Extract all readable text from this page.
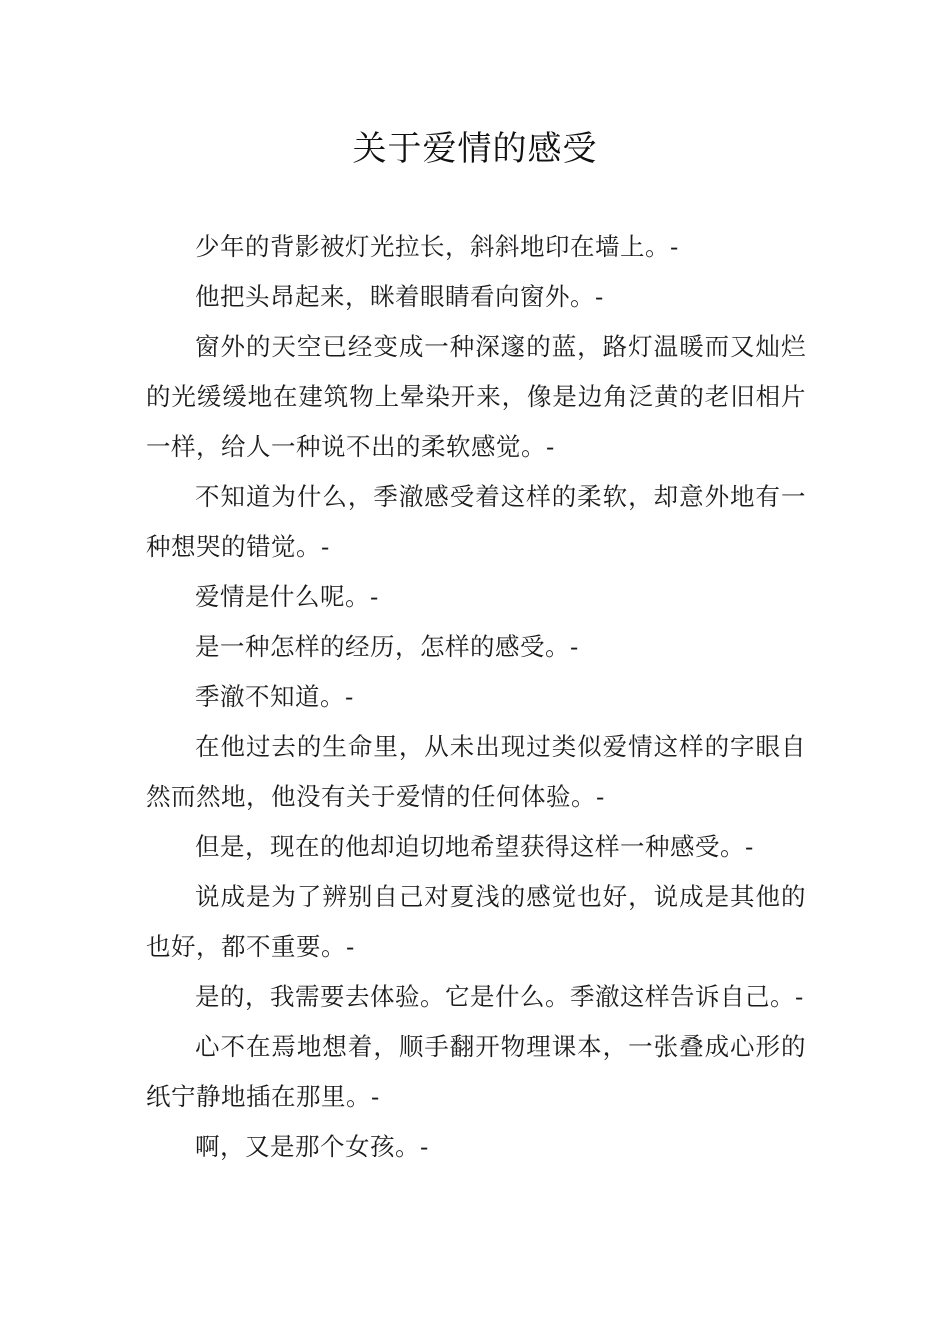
关于爱情的感受

少年的背影被灯光拉长，斜斜地印在墙上。-

他把头昂起来，眯着眼睛看向窗外。-

窗外的天空已经变成一种深邃的蓝，路灯温暖而又灿烂的光缓缓地在建筑物上晕染开来，像是边角泛黄的老旧相片一样，给人一种说不出的柔软感觉。-

不知道为什么，季澈感受着这样的柔软，却意外地有一种想哭的错觉。-

爱情是什么呢。-

是一种怎样的经历，怎样的感受。-

季澈不知道。-

在他过去的生命里，从未出现过类似爱情这样的字眼自然而然地，他没有关于爱情的任何体验。-

但是，现在的他却迫切地希望获得这样一种感受。-

说成是为了辨别自己对夏浅的感觉也好，说成是其他的也好，都不重要。-

是的，我需要去体验。它是什么。季澈这样告诉自己。-

心不在焉地想着，顺手翻开物理课本，一张叠成心形的纸宁静地插在那里。-

啊，又是那个女孩。-
